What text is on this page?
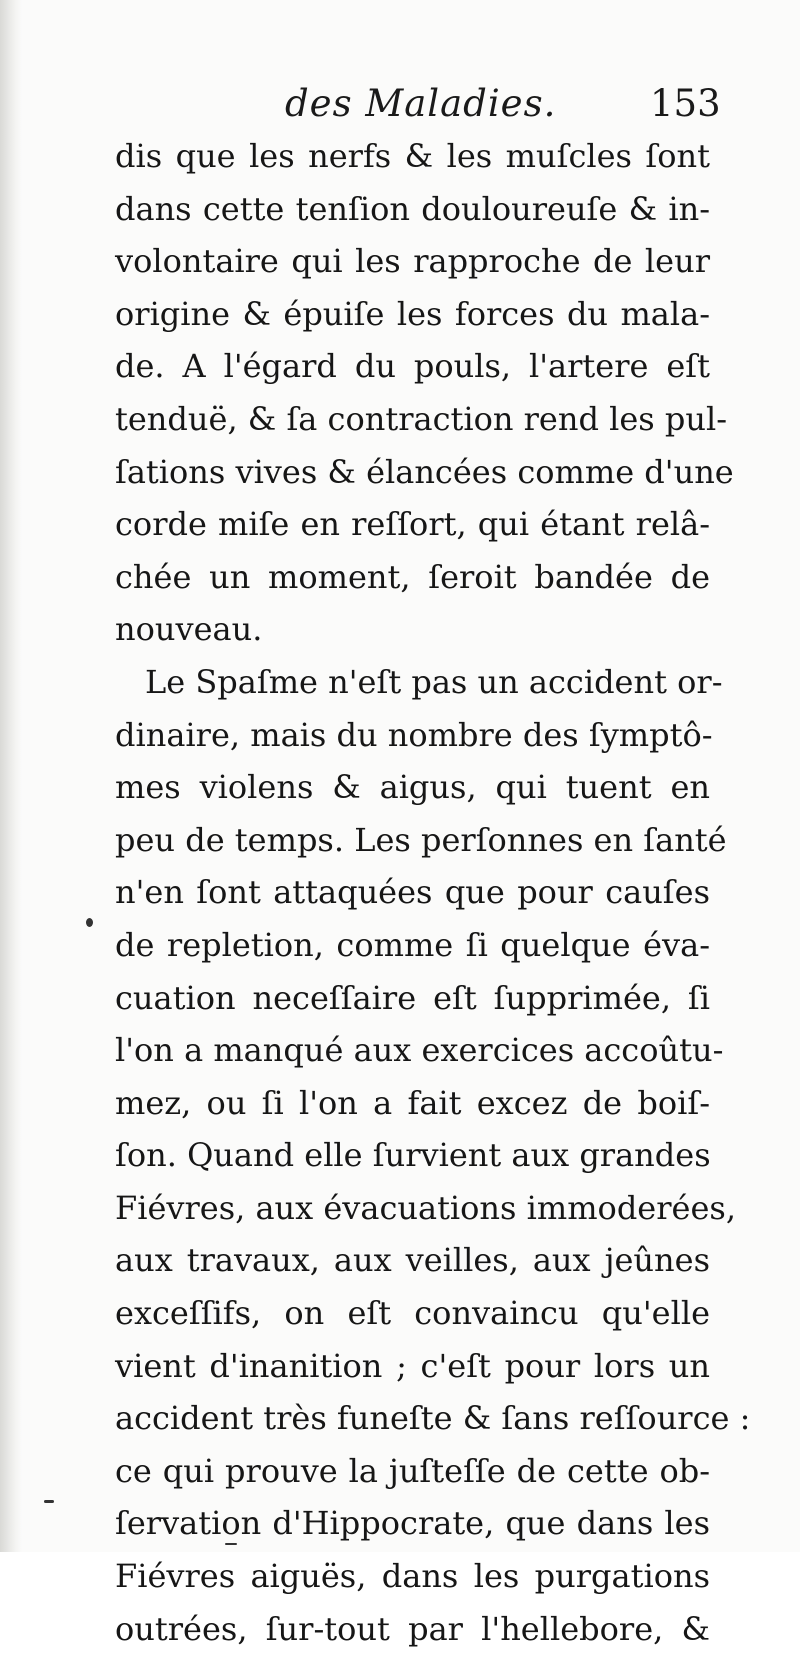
des Maladies.	153
dis que les nerfs & les muſcles ſont
dans cette tenſion douloureuſe & in-
volontaire qui les rapproche de leur
origine & épuiſe les forces du mala-
de. A l'égard du pouls, l'artere eſt
tenduë, & ſa contraction rend les pul-
ſations vives & élancées comme d'une
corde miſe en reſſort, qui étant relâ-
chée un moment, ſeroit bandée de
nouveau.
Le Spaſme n'eſt pas un accident or-
dinaire, mais du nombre des ſymptô-
mes violens & aigus, qui tuent en
peu de temps. Les perſonnes en ſanté
n'en ſont attaquées que pour cauſes
de repletion, comme ſi quelque éva-
cuation neceſſaire eſt ſupprimée, ſi
l'on a manqué aux exercices accoûtu-
mez, ou ſi l'on a fait excez de boiſ-
ſon. Quand elle ſurvient aux grandes
Fiévres, aux évacuations immoderées,
aux travaux, aux veilles, aux jeûnes
exceſſifs, on eſt convaincu qu'elle
vient d'inanition ; c'eſt pour lors un
accident très funeſte & ſans reſſource :
ce qui prouve la juſteſſe de cette ob-
ſervation d'Hippocrate, que dans les
Fiévres aiguës, dans les purgations
outrées, ſur-tout par l'hellebore, &
